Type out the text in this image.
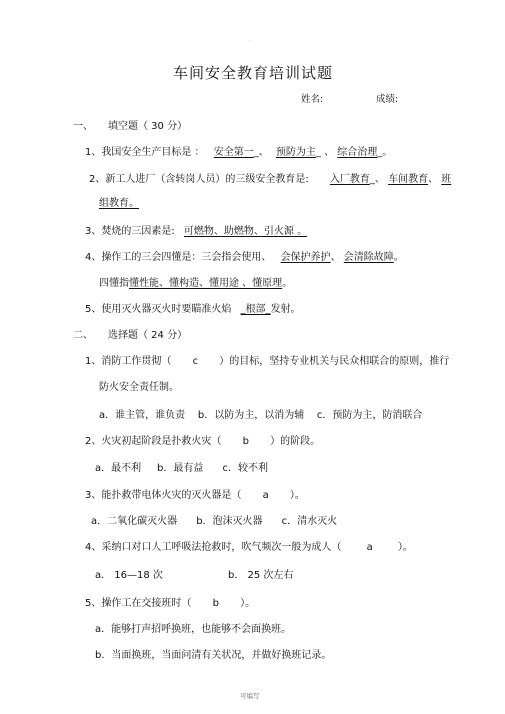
.
车间安全教育培训试题
姓名:	成绩:
一、 填空题（ 30 分）
1、我国安全生产目标是 ： 安全第一_、 预防为主_ 、 综合治理_。
2、新工人进厂（含转岗人员）的三级安全教育是: 入厂教育_、 车间教育、 班
组教育。
3、焚烧的三因素是: 可燃物、助燃物、引火源 。
4、操作工的三会四懂是：三会指会使用、 会保护养护、 会清除故障。
四懂指懂性能、懂构造、懂用途 、懂原理。
5、使用灭火器灭火时要瞄准火焰 _根部_发射。
二、 选择题（ 24 分）
1、消防工作贯彻（ c ）的目标，坚持专业机关与民众相联合的原则，推行
防火安全责任制。
a．谁主管，谁负责    b．以防为主，以消为辅    c．预防为主，防消联合
2、火灾初起阶段是扑救火灾（ b ）的阶段。
a．最不利     b．最有益      c．较不利
3、能扑救带电体火灾的灭火器是（ a ）。
a．二氧化碳灭火器      b．泡沫灭火器      c．清水灭火
4、采纳口对口人工呼吸法抢救时，吹气频次一般为成人（	a	）。
a． 16—18 次	b． 25 次左右
5、操作工在交接班时（ b ）。
a．能够打声招呼换班，也能够不会面换班。
b．当面换班，当面问清有关状况，并做好换班记录。
可编写
